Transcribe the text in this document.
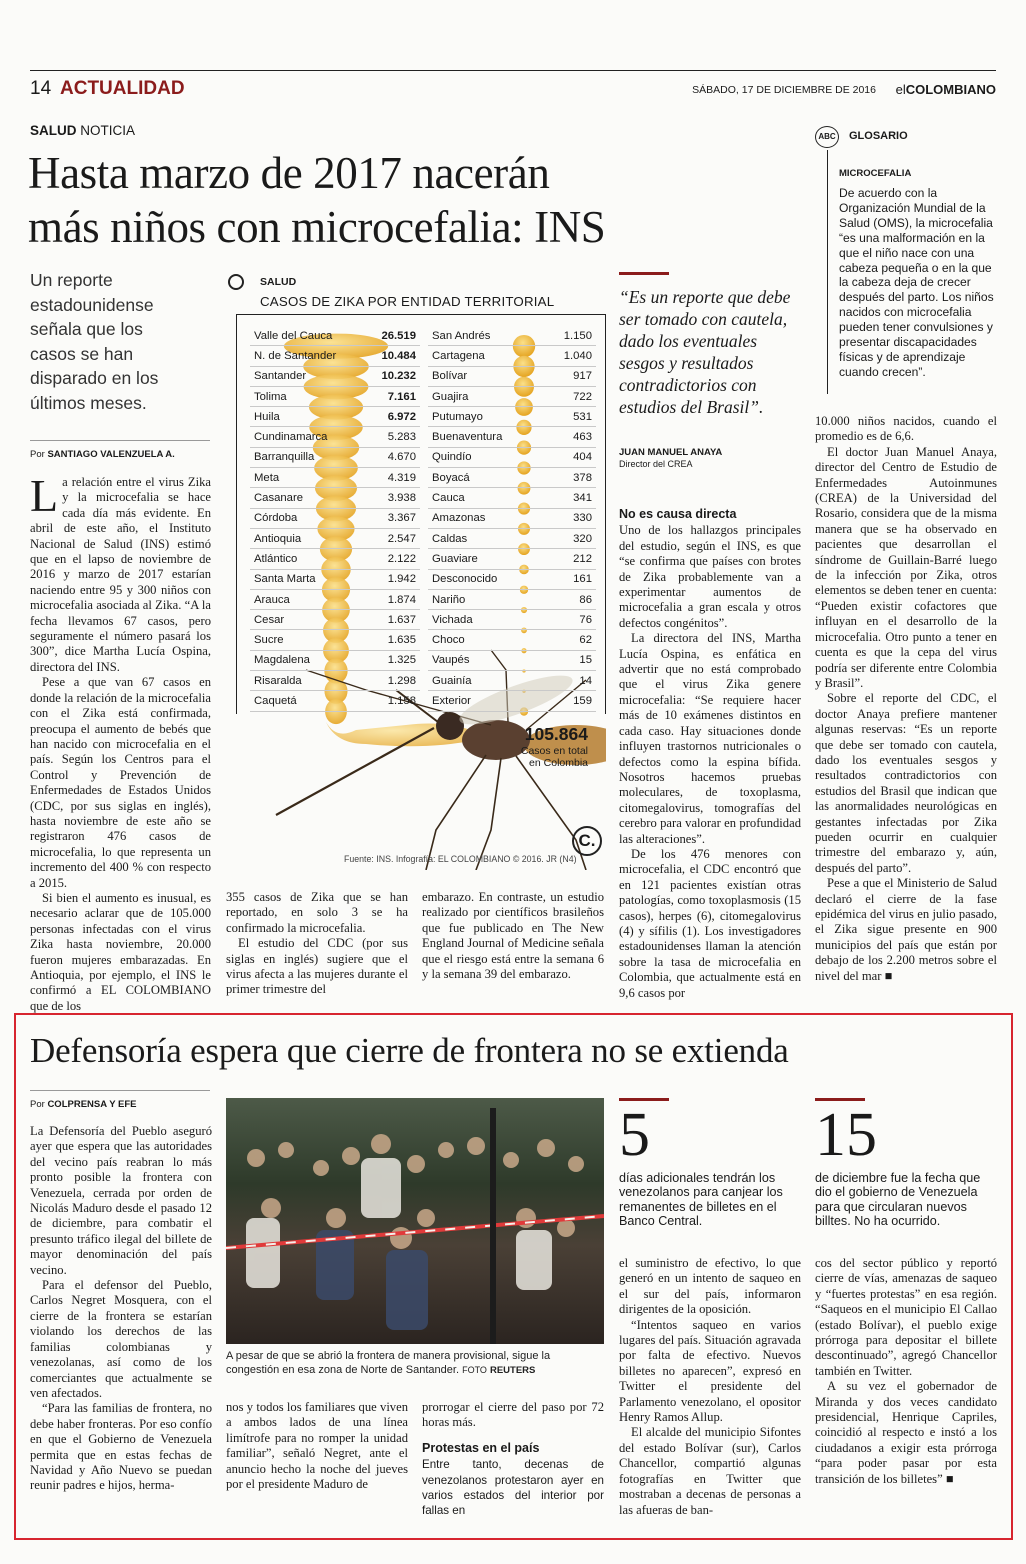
14 ACTUALIDAD	SÁBADO, 17 DE DICIEMBRE DE 2016 elCOLOMBIANO
SALUD NOTICIA
Hasta marzo de 2017 nacerán
más niños con microcefalia: INS
Un reporte estadounidense señala que los casos se han disparado en los últimos meses.
Por SANTIAGO VALENZUELA A.

La relación entre el virus Zika y la microcefalia se hace cada día más evidente. En abril de este año, el Instituto Nacional de Salud (INS) estimó que en el lapso de noviembre de 2016 y marzo de 2017 estarían naciendo entre 95 y 300 niños con microcefalia asociada al Zika. “A la fecha llevamos 67 casos, pero seguramente el número pasará los 300”, dice Martha Lucía Ospina, directora del INS.

Pese a que van 67 casos en donde la relación de la microcefalia con el Zika está confirmada, preocupa el aumento de bebés que han nacido con microcefalia en el país. Según los Centros para el Control y Prevención de Enfermedades de Estados Unidos (CDC, por sus siglas en inglés), hasta noviembre de este año se registraron 476 casos de microcefalia, lo que representa un incremento del 400 % con respecto a 2015.

Si bien el aumento es inusual, es necesario aclarar que de 105.000 personas infectadas con el virus Zika hasta noviembre, 20.000 fueron mujeres embarazadas. En Antioquia, por ejemplo, el INS le confirmó a EL COLOMBIANO que de los

SALUD
CASOS DE ZIKA POR ENTIDAD TERRITORIAL
Valle del Cauca	26.519
N. de Santander	10.484
Santander	10.232
Tolima	7.161
Huila	6.972
Cundinamarca	5.283
Barranquilla	4.670
Meta	4.319
Casanare	3.938
Córdoba	3.367
Antioquia	2.547
Atlántico	2.122
Santa Marta	1.942
Arauca	1.874
Cesar	1.637
Sucre	1.635
Magdalena	1.325
Risaralda	1.298
Caquetá	1.158
San Andrés	1.150
Cartagena	1.040
Bolívar	917
Guajira	722
Putumayo	531
Buenaventura	463
Quindío	404
Boyacá	378
Cauca	341
Amazonas	330
Caldas	320
Guaviare	212
Desconocido	161
Nariño	86
Vichada	76
Choco	62
Vaupés	15
Guainía	14
Exterior	159
105.864
Casos en total
en Colombia
C.
Fuente: INS. Infografía: EL COLOMBIANO © 2016. JR (N4)

355 casos de Zika que se han reportado, en solo 3 se ha confirmado la microcefalia.

El estudio del CDC (por sus siglas en inglés) sugiere que el virus afecta a las mujeres durante el primer trimestre del

embarazo. En contraste, un estudio realizado por científicos brasileños que fue publicado en The New England Journal of Medicine señala que el riesgo está entre la semana 6 y la semana 39 del embarazo.

“Es un reporte que debe ser tomado con cautela, dado los eventuales sesgos y resultados contradictorios con estudios del Brasil”.
JUAN MANUEL ANAYA
Director del CREA
No es causa directa

Uno de los hallazgos principales del estudio, según el INS, es que “se confirma que países con brotes de Zika probablemente van a experimentar aumentos de microcefalia a gran escala y otros defectos congénitos”.

La directora del INS, Martha Lucía Ospina, es enfática en advertir que no está comprobado que el virus Zika genere microcefalia: “Se requiere hacer más de 10 exámenes distintos en cada caso. Hay situaciones donde influyen trastornos nutricionales o defectos como la espina bífida. Nosotros hacemos pruebas moleculares, de toxoplasma, citomegalovirus, tomografías del cerebro para valorar en profundidad las alteraciones”.

De los 476 menores con microcefalia, el CDC encontró que en 121 pacientes existían otras patologías, como toxoplasmosis (15 casos), herpes (6), citomegalovirus (4) y sífilis (1). Los investigadores estadounidenses llaman la atención sobre la tasa de microcefalia en Colombia, que actualmente está en 9,6 casos por

ABC	GLOSARIO
MICROCEFALIA
De acuerdo con la Organización Mundial de la Salud (OMS), la microcefalia “es una malformación en la que el niño nace con una cabeza pequeña o en la que la cabeza deja de crecer después del parto. Los niños nacidos con microcefalia pueden tener convulsiones y presentar discapacidades físicas y de aprendizaje cuando crecen”.

10.000 niños nacidos, cuando el promedio es de 6,6.

El doctor Juan Manuel Anaya, director del Centro de Estudio de Enfermedades Autoinmunes (CREA) de la Universidad del Rosario, considera que de la misma manera que se ha observado en pacientes que desarrollan el síndrome de Guillain-Barré luego de la infección por Zika, otros elementos se deben tener en cuenta: “Pueden existir cofactores que influyan en el desarrollo de la microcefalia. Otro punto a tener en cuenta es que la cepa del virus podría ser diferente entre Colombia y Brasil”.

Sobre el reporte del CDC, el doctor Anaya prefiere mantener algunas reservas: “Es un reporte que debe ser tomado con cautela, dado los eventuales sesgos y resultados contradictorios con estudios del Brasil que indican que las anormalidades neurológicas en gestantes infectadas por Zika pueden ocurrir en cualquier trimestre del embarazo y, aún, después del parto”.

Pese a que el Ministerio de Salud declaró el cierre de la fase epidémica del virus en julio pasado, el Zika sigue presente en 900 municipios del país que están por debajo de los 2.200 metros sobre el nivel del mar ■

Defensoría espera que cierre de frontera no se extienda
Por COLPRENSA Y EFE

La Defensoría del Pueblo aseguró ayer que espera que las autoridades del vecino país reabran lo más pronto posible la frontera con Venezuela, cerrada por orden de Nicolás Maduro desde el pasado 12 de diciembre, para combatir el presunto tráfico ilegal del billete de mayor denominación del país vecino.

Para el defensor del Pueblo, Carlos Negret Mosquera, con el cierre de la frontera se estarían violando los derechos de las familias colombianas y venezolanas, así como de los comerciantes que actualmente se ven afectados.

“Para las familias de frontera, no debe haber fronteras. Por eso confío en que el Gobierno de Venezuela permita que en estas fechas de Navidad y Año Nuevo se puedan reunir padres e hijos, herma-

A pesar de que se abrió la frontera de manera provisional, sigue la congestión en esa zona de Norte de Santander. FOTO REUTERS

nos y todos los familiares que viven a ambos lados de una línea limítrofe para no romper la unidad familiar”, señaló Negret, ante el anuncio hecho la noche del jueves por el presidente Maduro de

prorrogar el cierre del paso por 72 horas más.

Protestas en el país

Entre tanto, decenas de venezolanos protestaron ayer en varios estados del interior por fallas en

5
días adicionales tendrán los venezolanos para canjear los remanentes de billetes en el Banco Central.
15
de diciembre fue la fecha que dio el gobierno de Venezuela para que circularan nuevos billtes. No ha ocurrido.

el suministro de efectivo, lo que generó en un intento de saqueo en el sur del país, informaron dirigentes de la oposición.

“Intentos saqueo en varios lugares del país. Situación agravada por falta de efectivo. Nuevos billetes no aparecen”, expresó en Twitter el presidente del Parlamento venezolano, el opositor Henry Ramos Allup.

El alcalde del municipio Sifontes del estado Bolívar (sur), Carlos Chancellor, compartió algunas fotografías en Twitter que mostraban a decenas de personas a las afueras de ban-

cos del sector público y reportó cierre de vías, amenazas de saqueo y “fuertes protestas” en esa región. “Saqueos en el municipio El Callao (estado Bolívar), el pueblo exige prórroga para depositar el billete descontinuado”, agregó Chancellor también en Twitter.

A su vez el gobernador de Miranda y dos veces candidato presidencial, Henrique Capriles, coincidió al respecto e instó a los ciudadanos a exigir esta prórroga “para poder pasar por esta transición de los billetes” ■
